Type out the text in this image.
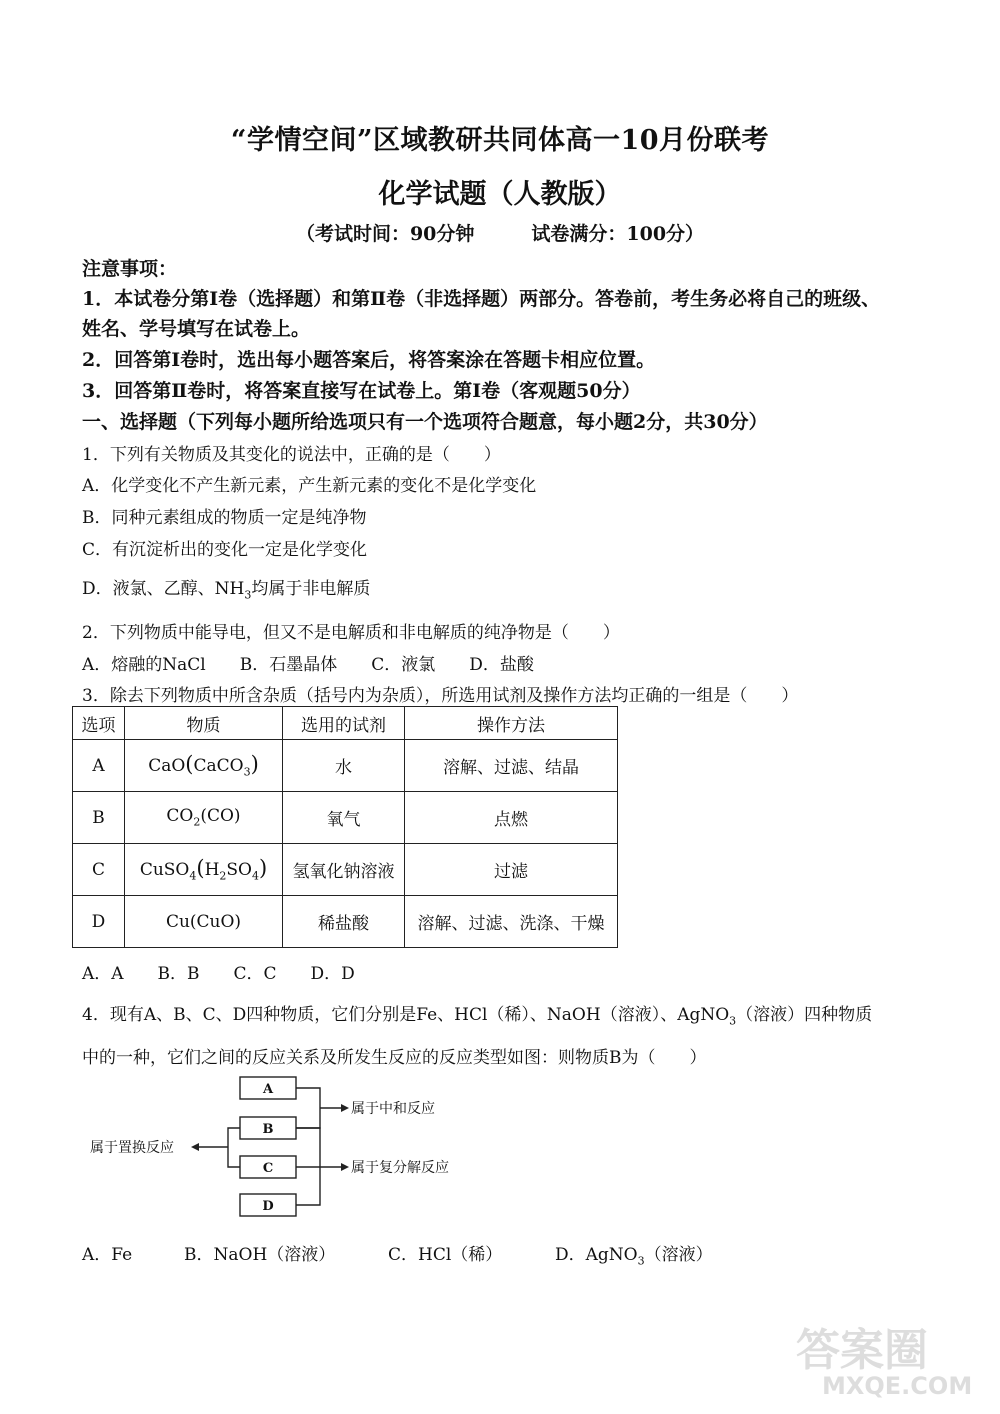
“学情空间”区域教研共同体高一10月份联考
化学试题（人教版）
（考试时间：90分钟　　　试卷满分：100分）
注意事项：
1．本试卷分第Ⅰ卷（选择题）和第Ⅱ卷（非选择题）两部分。答卷前，考生务必将自己的班级、
姓名、学号填写在试卷上。
2．回答第Ⅰ卷时，选出每小题答案后，将答案涂在答题卡相应位置。
3．回答第Ⅱ卷时，将答案直接写在试卷上。第Ⅰ卷（客观题50分）
一、选择题（下列每小题所给选项只有一个选项符合题意，每小题2分，共30分）
1．下列有关物质及其变化的说法中，正确的是（　　）
A．化学变化不产生新元素，产生新元素的变化不是化学变化
B．同种元素组成的物质一定是纯净物
C．有沉淀析出的变化一定是化学变化
D．液氯、乙醇、$NH_3$均属于非电解质
2．下列物质中能导电，但又不是电解质和非电解质的纯净物是（　　）
A．熔融的NaCl　　B．石墨晶体　　C．液氯　　D．盐酸
3．除去下列物质中所含杂质（括号内为杂质），所选用试剂及操作方法均正确的一组是（　　）
选项	物质	选用的试剂	操作方法
A	CaO(CaCO$_3$)	水	溶解、过滤、结晶
B	$CO_2(CO)$	氧气	点燃
C	$CuSO_4(H_2SO_4)$	氢氧化钠溶液	过滤
D	Cu(CuO)	稀盐酸	溶解、过滤、洗涤、干燥
A．A　　B．B　　C．C　　D．D
4．现有A、B、C、D四种物质，它们分别是Fe、HCl（稀）、NaOH（溶液）、AgNO$_3$（溶液）四种物质
中的一种，它们之间的反应关系及所发生反应的反应类型如图：则物质B为（　　）
A
B
C
D
属于置换反应
属于中和反应
属于复分解反应
A．Fe	B．NaOH（溶液）	C．HCl（稀）	D．AgNO$_3$（溶液）
答案圈
MXQE.COM
